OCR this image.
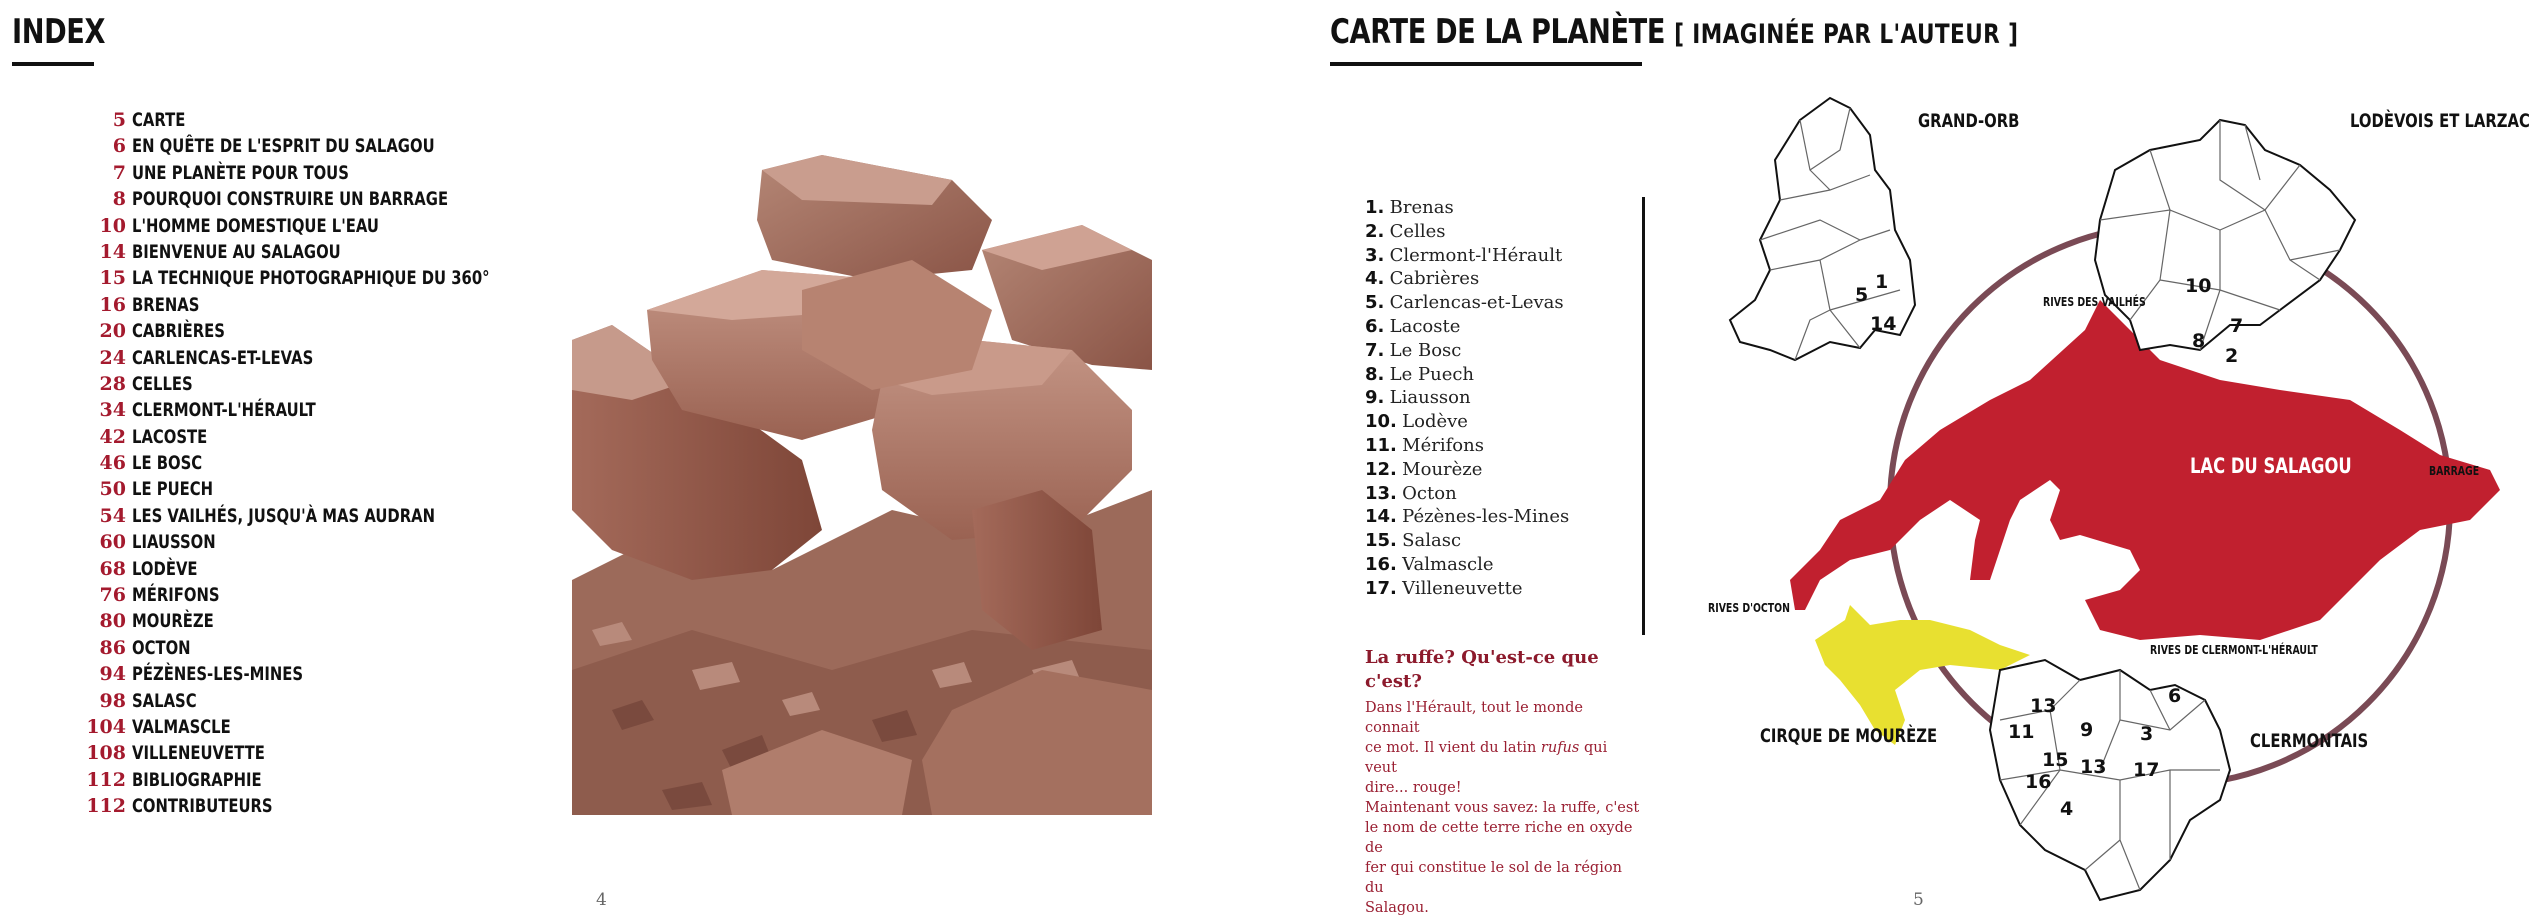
INDEX
5 CARTE
6 EN QUÊTE DE L'ESPRIT DU SALAGOU
7 UNE PLANÈTE POUR TOUS
8 POURQUOI CONSTRUIRE UN BARRAGE
10 L'HOMME DOMESTIQUE L'EAU
14 BIENVENUE AU SALAGOU
15 LA TECHNIQUE PHOTOGRAPHIQUE DU 360°
16 BRENAS
20 CABRIÈRES
24 CARLENCAS-ET-LEVAS
28 CELLES
34 CLERMONT-L'HÉRAULT
42 LACOSTE
46 LE BOSC
50 LE PUECH
54 LES VAILHÉS, JUSQU'À MAS AUDRAN
60 LIAUSSON
68 LODÈVE
76 MÉRIFONS
80 MOURÈZE
86 OCTON
94 PÉZÈNES-LES-MINES
98 SALASC
104 VALMASCLE
108 VILLENEUVETTE
112 BIBLIOGRAPHIE
112 CONTRIBUTEURS
4
CARTE DE LA PLANÈTE [ IMAGINÉE PAR L'AUTEUR ]
1. Brenas
2. Celles
3. Clermont-l'Hérault
4. Cabrières
5. Carlencas-et-Levas
6. Lacoste
7. Le Bosc
8. Le Puech
9. Liausson
10. Lodève
11. Mérifons
12. Mourèze
13. Octon
14. Pézènes-les-Mines
15. Salasc
16. Valmascle
17. Villeneuvette
La ruffe? Qu'est-ce que c'est?
Dans l'Hérault, tout le monde connait
ce mot. Il vient du latin rufus qui veut
dire... rouge!
Maintenant vous savez: la ruffe, c'est
le nom de cette terre riche en oxyde de
fer qui constitue le sol de la région du
Salagou.
5
1
14
10
7
8
2
13	6
11 9 3
15 13 17
16
4
GRAND-ORB	LODÈVOIS ET LARZAC
CLERMONTAIS
CIRQUE DE MOURÈZE
RIVES DES VAILHÉS
RIVES D'OCTON
RIVES DE CLERMONT-L'HÉRAULT
BARRAGE
LAC DU SALAGOU
5
